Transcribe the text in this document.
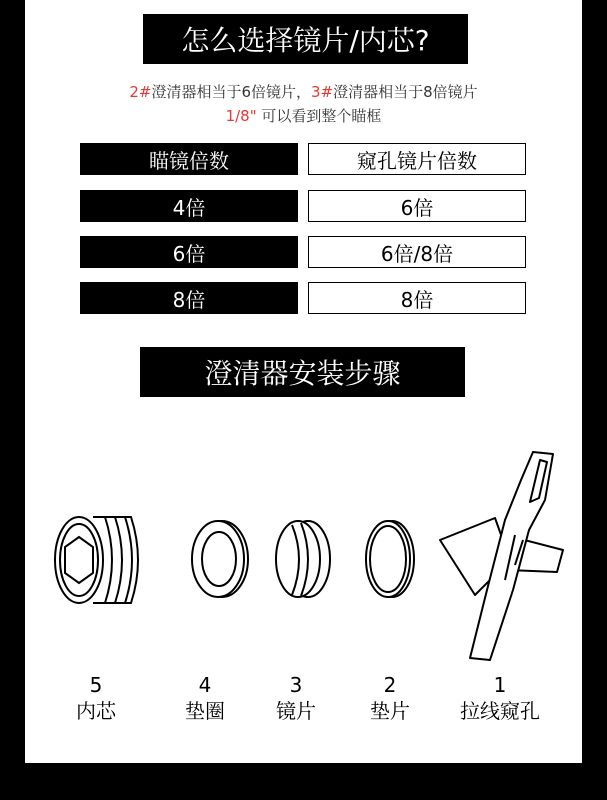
怎么选择镜片/内芯?
2#澄清器相当于6倍镜片，3#澄清器相当于8倍镜片
1/8" 可以看到整个瞄框
瞄镜倍数	窥孔镜片倍数
4倍	6倍
6倍	6倍/8倍
8倍	8倍
澄清器安装步骤
5
内芯
4
垫圈
3
镜片
2
垫片
1
拉线窥孔
